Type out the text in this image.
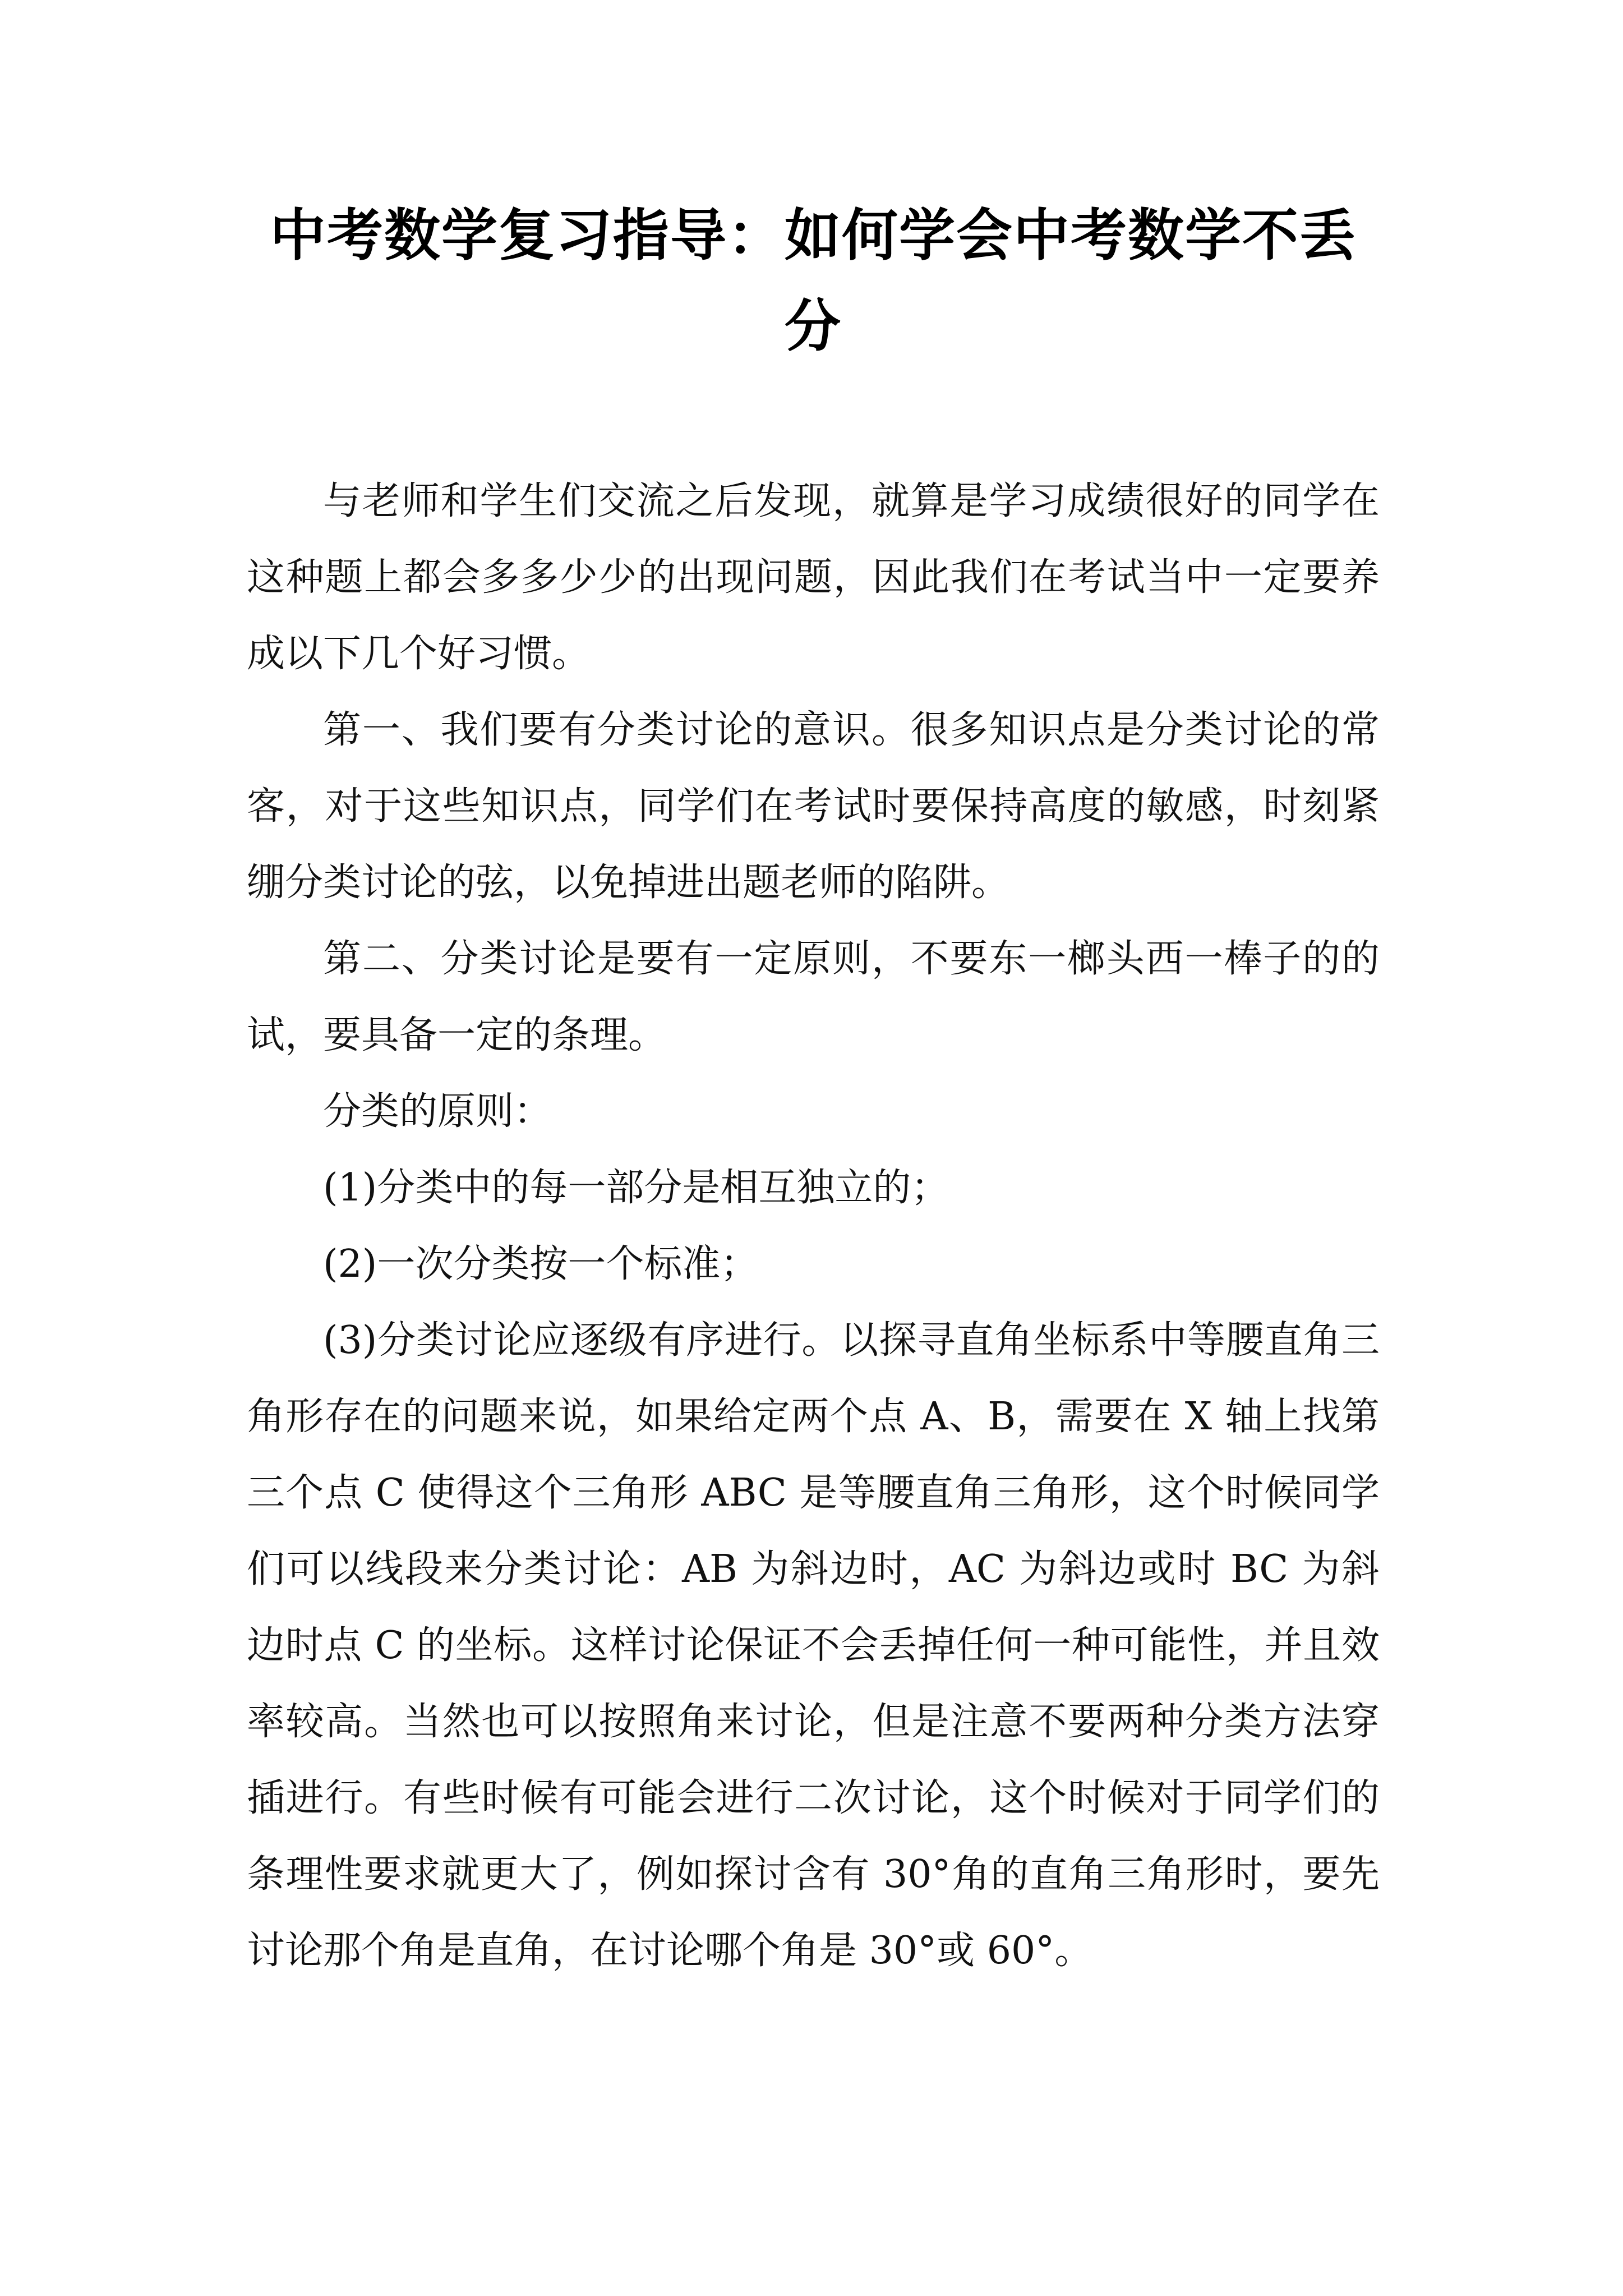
中考数学复习指导：如何学会中考数学不丢分

与老师和学生们交流之后发现，就算是学习成绩很好的同学在这种题上都会多多少少的出现问题，因此我们在考试当中一定要养成以下几个好习惯。

第一、我们要有分类讨论的意识。很多知识点是分类讨论的常客，对于这些知识点，同学们在考试时要保持高度的敏感，时刻紧绷分类讨论的弦，以免掉进出题老师的陷阱。

第二、分类讨论是要有一定原则，不要东一榔头西一棒子的的试，要具备一定的条理。

分类的原则：

(1)分类中的每一部分是相互独立的；

(2)一次分类按一个标准；

(3)分类讨论应逐级有序进行。以探寻直角坐标系中等腰直角三角形存在的问题来说，如果给定两个点 A、B，需要在 X 轴上找第三个点 C 使得这个三角形 ABC 是等腰直角三角形，这个时候同学们可以线段来分类讨论：AB 为斜边时，AC 为斜边或时 BC 为斜边时点 C 的坐标。这样讨论保证不会丢掉任何一种可能性，并且效率较高。当然也可以按照角来讨论，但是注意不要两种分类方法穿插进行。有些时候有可能会进行二次讨论，这个时候对于同学们的条理性要求就更大了，例如探讨含有 30°角的直角三角形时，要先讨论那个角是直角，在讨论哪个角是 30°或 60°。
